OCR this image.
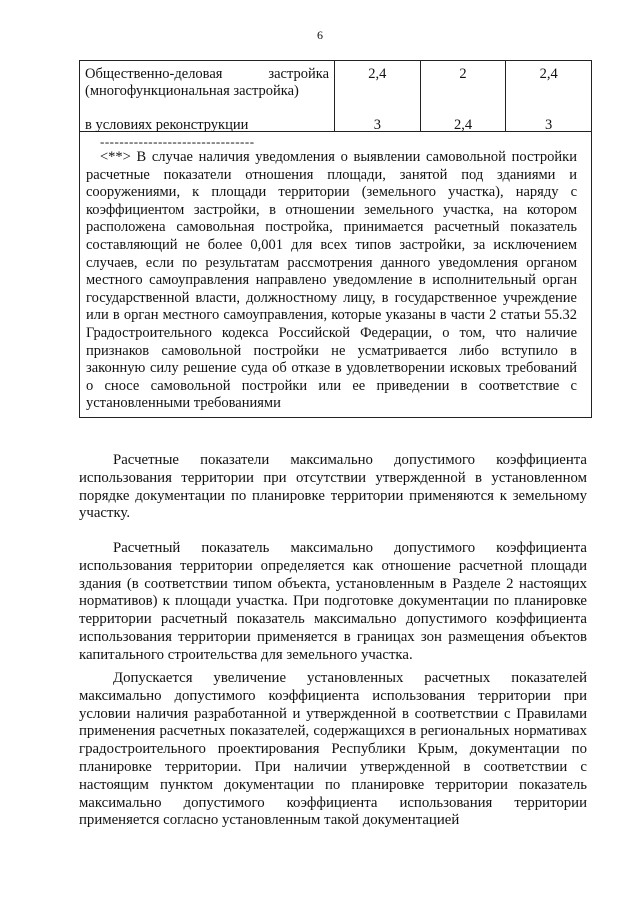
6
Общественно-деловая застройка
(многофункциональная застройка)
в условиях реконструкции
2,4
3
2
2,4
2,4
3
--------------------------------

<**> В случае наличия уведомления о выявлении самовольной постройки расчетные показатели отношения площади, занятой под зданиями и сооружениями, к площади территории (земельного участка), наряду с коэффициентом застройки, в отношении земельного участка, на котором расположена самовольная постройка, принимается расчетный показатель составляющий не более 0,001 для всех типов застройки, за исключением случаев, если по результатам рассмотрения данного уведомления органом местного самоуправления направлено уведомление в исполнительный орган государственной власти, должностному лицу, в государственное учреждение или в орган местного самоуправления, которые указаны в части 2 статьи 55.32 Градостроительного кодекса Российской Федерации, о том, что наличие признаков самовольной постройки не усматривается либо вступило в законную силу решение суда об отказе в удовлетворении исковых требований о сносе самовольной постройки или ее приведении в соответствие с установленными требованиями

Расчетные показатели максимально допустимого коэффициента использования территории при отсутствии утвержденной в установленном порядке документации по планировке территории применяются к земельному участку.

Расчетный показатель максимально допустимого коэффициента использования территории определяется как отношение расчетной площади здания (в соответствии типом объекта, установленным в Разделе 2 настоящих нормативов) к площади участка. При подготовке документации по планировке территории расчетный показатель максимально допустимого коэффициента использования территории применяется в границах зон размещения объектов капитального строительства для земельного участка.

Допускается увеличение установленных расчетных показателей максимально допустимого коэффициента использования территории при условии наличия разработанной и утвержденной в соответствии с Правилами применения расчетных показателей, содержащихся в региональных нормативах градостроительного проектирования Республики Крым, документации по планировке территории. При наличии утвержденной в соответствии с настоящим пунктом документации по планировке территории показатель максимально допустимого коэффициента использования территории применяется согласно установленным такой документацией
